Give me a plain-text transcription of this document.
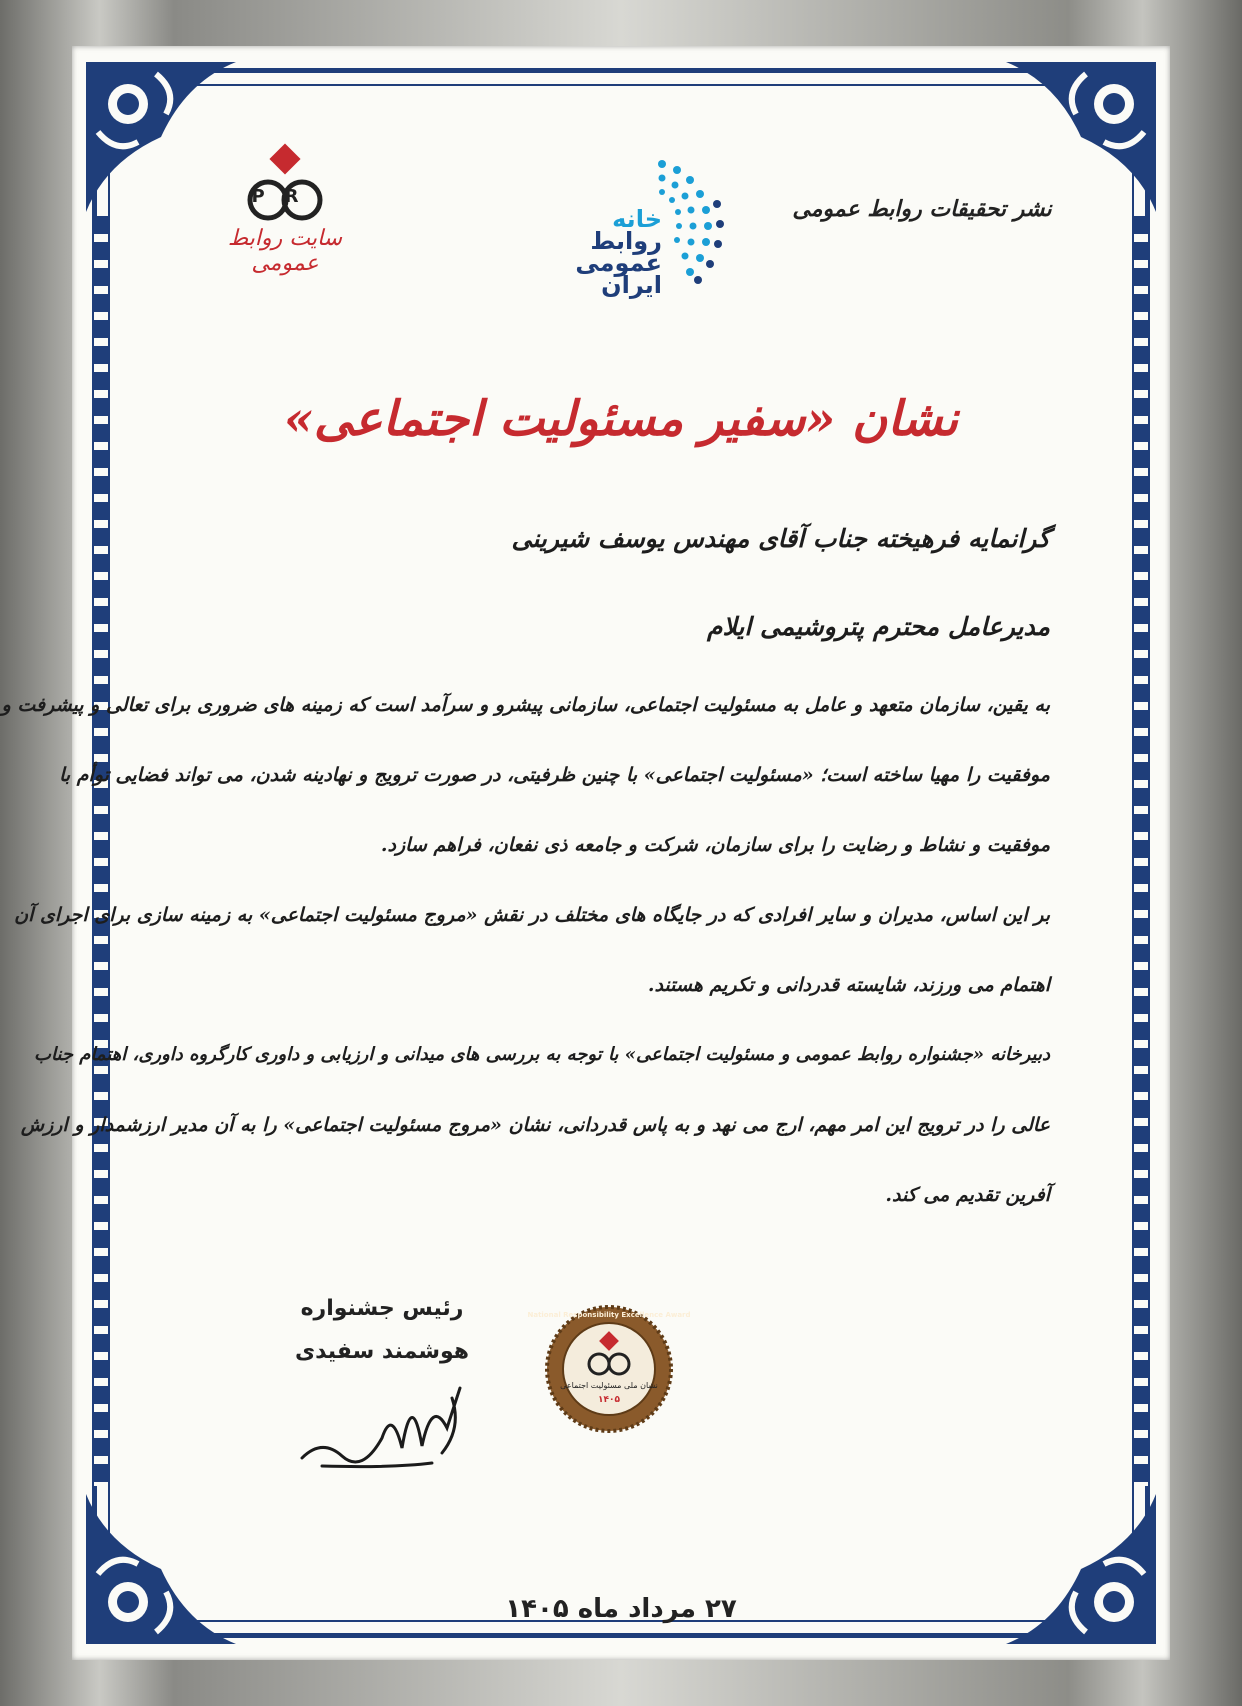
PR
سایت روابط عمومی
خانه
روابط
عمومی
ایران
نشر تحقیقات روابط عمومی
نشان «سفیر مسئولیت اجتماعی»
گرانمایه فرهیخته جناب آقای مهندس یوسف شیرینی
مدیرعامل محترم پتروشیمی ایلام
به یقین، سازمان متعهد و عامل به مسئولیت اجتماعی، سازمانی پیشرو و سرآمد است که زمینه های ضروری برای تعالی و پیشرفت و
موفقیت را مهیا ساخته است؛ «مسئولیت اجتماعی» با چنین ظرفیتی، در صورت ترویج و نهادینه شدن، می تواند فضایی توأم با
موفقیت و نشاط و رضایت را برای سازمان، شرکت و جامعه ذی نفعان، فراهم سازد.
بر این اساس، مدیران و سایر افرادی که در جایگاه های مختلف در نقش «مروج مسئولیت اجتماعی» به زمینه سازی برای اجرای آن
اهتمام می ورزند، شایسته قدردانی و تکریم هستند.
دبیرخانه «جشنواره روابط عمومی و مسئولیت اجتماعی» با توجه به بررسی های میدانی و ارزیابی و داوری کارگروه داوری، اهتمام جناب
عالی را در ترویج این امر مهم، ارج می نهد و به پاس قدردانی، نشان «مروج مسئولیت اجتماعی» را به آن مدیر ارزشمدار و ارزش
آفرین تقدیم می کند.
National Responsibility Excellence Award
نشان ملی مسئولیت اجتماعی
۱۴۰۵
رئیس جشنواره
هوشمند سفیدی
۲۷ مرداد ماه ۱۴۰۵
